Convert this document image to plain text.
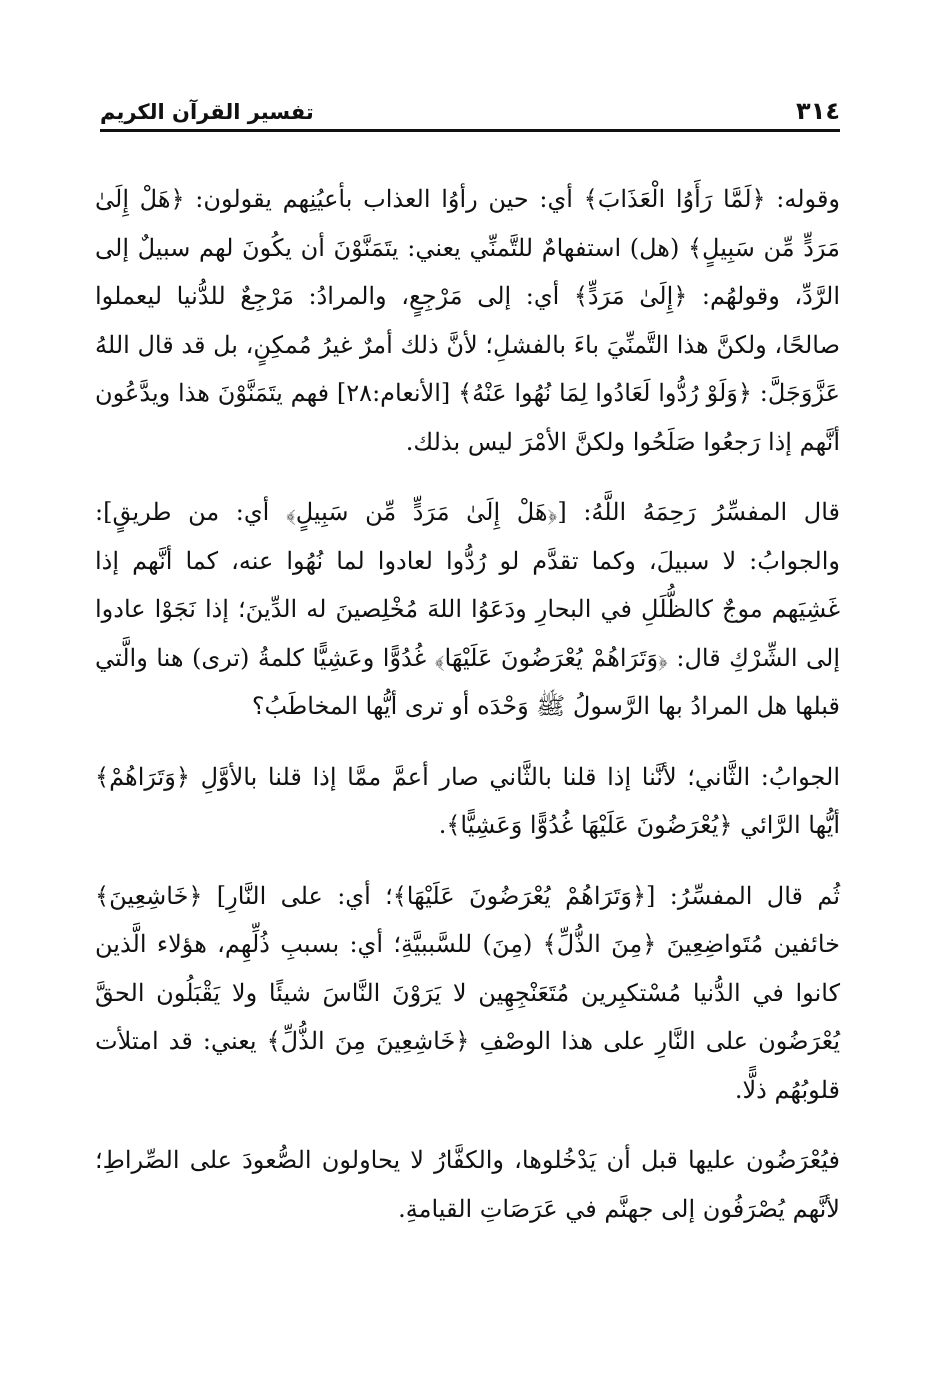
٣١٤
تفسير القرآن الكريم

وقوله: ﴿لَمَّا رَأَوُا الْعَذَابَ﴾ أي: حين رأوُا العذاب بأعيُنِهم يقولون: ﴿هَلْ إِلَىٰ مَرَدٍّ مِّن سَبِيلٍ﴾ (هل) استفهامٌ للتَّمنِّي يعني: يتَمَنَّوْنَ أن يكُونَ لهم سبيلٌ إلى الرَّدِّ، وقولهُم: ﴿إِلَىٰ مَرَدٍّ﴾ أي: إلى مَرْجِعٍ، والمرادُ: مَرْجِعٌ للدُّنيا ليعملوا صالحًا، ولكنَّ هذا التَّمنِّيَ باءَ بالفشلِ؛ لأنَّ ذلك أمرٌ غيرُ مُمكِنٍ، بل قد قال اللهُ عَزَّوَجَلَّ: ﴿وَلَوْ رُدُّوا لَعَادُوا لِمَا نُهُوا عَنْهُ﴾ [الأنعام:٢٨] فهم يتَمَنَّوْنَ هذا ويدَّعُون أنَّهم إذا رَجعُوا صَلَحُوا ولكنَّ الأمْرَ ليس بذلك.

قال المفسِّرُ رَحِمَهُ اللَّهُ: [﴿هَلْ إِلَىٰ مَرَدٍّ مِّن سَبِيلٍ﴾ أي: من طريقٍ]: والجوابُ: لا سبيلَ، وكما تقدَّم لو رُدُّوا لعادوا لما نُهُوا عنه، كما أنَّهم إذا غَشِيَهم موجٌ كالظُّلَلِ في البحارِ ودَعَوُا اللهَ مُخْلِصينَ له الدِّينَ؛ إذا نَجَوْا عادوا إلى الشِّرْكِ قال: ﴿وَتَرَاهُمْ يُعْرَضُونَ عَلَيْهَا﴾ غُدُوًّا وعَشِيًّا كلمةُ (ترى) هنا والَّتي قبلها هل المرادُ بها الرَّسولُ ﷺ وَحْدَه أو ترى أيُّها المخاطَبُ؟

الجوابُ: الثَّاني؛ لأنَّنا إذا قلنا بالثَّاني صار أعمَّ ممَّا إذا قلنا بالأوَّلِ ﴿وَتَرَاهُمْ﴾ أيُّها الرَّائي ﴿يُعْرَضُونَ عَلَيْهَا غُدُوًّا وَعَشِيًّا﴾.

ثُم قال المفسِّرُ: [﴿وَتَرَاهُمْ يُعْرَضُونَ عَلَيْهَا﴾؛ أي: على النَّارِ] ﴿خَاشِعِينَ﴾ خائفين مُتَواضِعِينَ ﴿مِنَ الذُّلِّ﴾ (مِنَ) للسَّببيَّةِ؛ أي: بسببِ ذُلِّهِم، هؤلاء الَّذين كانوا في الدُّنيا مُسْتكبِرين مُتَعَنْجِهِين لا يَرَوْنَ النَّاسَ شيئًا ولا يَقْبَلُون الحقَّ يُعْرَضُون على النَّارِ على هذا الوصْفِ ﴿خَاشِعِينَ مِنَ الذُّلِّ﴾ يعني: قد امتلأت قلوبُهُم ذلًّا.

فيُعْرَضُون عليها قبل أن يَدْخُلوها، والكفَّارُ لا يحاولون الصُّعودَ على الصِّراطِ؛ لأنَّهم يُصْرَفُون إلى جهنَّم في عَرَصَاتِ القيامةِ.
